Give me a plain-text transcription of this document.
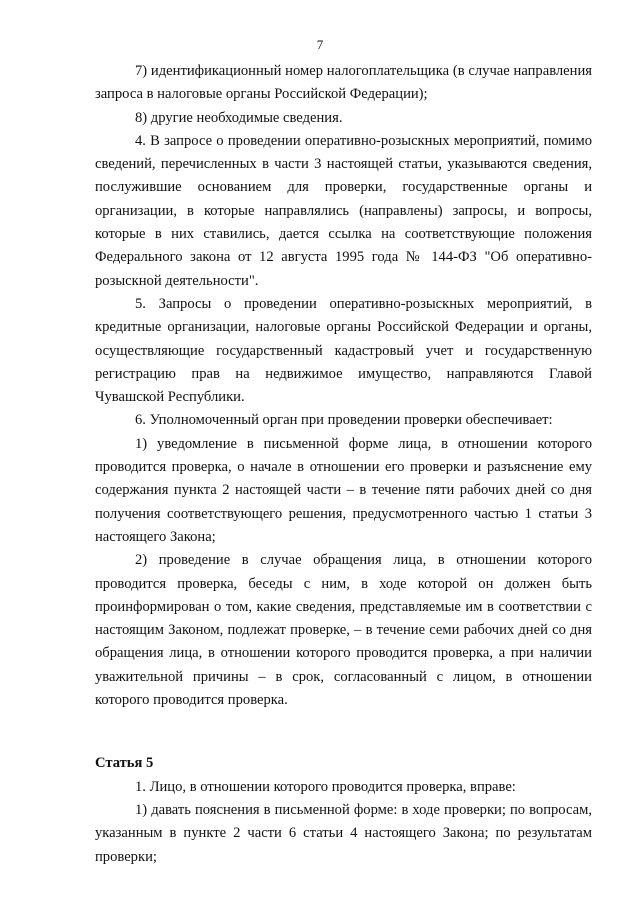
7

7) идентификационный номер налогоплательщика (в случае направления запроса в налоговые органы Российской Федерации);

8) другие необходимые сведения.

4. В запросе о проведении оперативно-розыскных мероприятий, помимо сведений, перечисленных в части 3 настоящей статьи, указываются сведения, послужившие основанием для проверки, государственные органы и организации, в которые направлялись (направлены) запросы, и вопросы, которые в них ставились, дается ссылка на соответствующие положения Федерального закона от 12 августа 1995 года № 144-ФЗ "Об оперативно-розыскной деятельности".

5. Запросы о проведении оперативно-розыскных мероприятий, в кредитные организации, налоговые органы Российской Федерации и органы, осуществляющие государственный кадастровый учет и государственную регистрацию прав на недвижимое имущество, направляются Главой Чувашской Республики.

6. Уполномоченный орган при проведении проверки обеспечивает:

1) уведомление в письменной форме лица, в отношении которого проводится проверка, о начале в отношении его проверки и разъяснение ему содержания пункта 2 настоящей части – в течение пяти рабочих дней со дня получения соответствующего решения, предусмотренного частью 1 статьи 3 настоящего Закона;

2) проведение в случае обращения лица, в отношении которого проводится проверка, беседы с ним, в ходе которой он должен быть проинформирован о том, какие сведения, представляемые им в соответствии с настоящим Законом, подлежат проверке, – в течение семи рабочих дней со дня обращения лица, в отношении которого проводится проверка, а при наличии уважительной причины – в срок, согласованный с лицом, в отношении которого проводится проверка.

Статья 5

1. Лицо, в отношении которого проводится проверка, вправе:

1) давать пояснения в письменной форме: в ходе проверки; по вопросам, указанным в пункте 2 части 6 статьи 4 настоящего Закона; по результатам проверки;
